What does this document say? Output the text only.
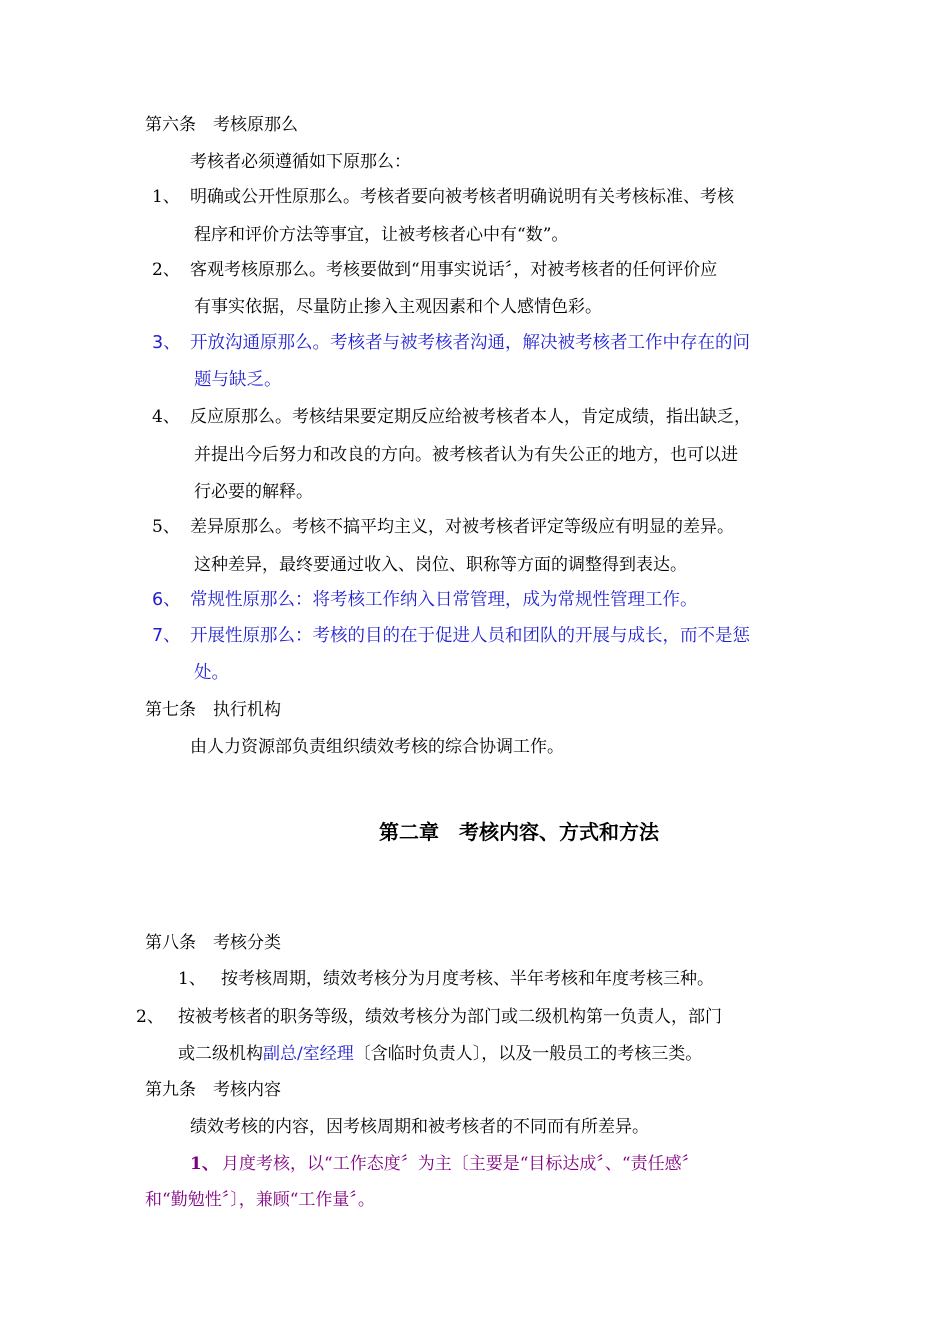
第六条　考核原那么
考核者必须遵循如下原那么：
1、 明确或公开性原那么。考核者要向被考核者明确说明有关考核标准、考核
程序和评价方法等事宜，让被考核者心中有“数”。
2、 客观考核原那么。考核要做到“用事实说话〞，对被考核者的任何评价应
有事实依据，尽量防止掺入主观因素和个人感情色彩。
3、 开放沟通原那么。考核者与被考核者沟通，解决被考核者工作中存在的问
题与缺乏。
4、 反应原那么。考核结果要定期反应给被考核者本人，肯定成绩，指出缺乏，
并提出今后努力和改良的方向。被考核者认为有失公正的地方，也可以进
行必要的解释。
5、 差异原那么。考核不搞平均主义，对被考核者评定等级应有明显的差异。
这种差异，最终要通过收入、岗位、职称等方面的调整得到表达。
6、 常规性原那么：将考核工作纳入日常管理，成为常规性管理工作。
7、 开展性原那么：考核的目的在于促进人员和团队的开展与成长，而不是惩
处。
第七条　执行机构
由人力资源部负责组织绩效考核的综合协调工作。
第二章　考核内容、方式和方法
第八条　考核分类
1、 按考核周期，绩效考核分为月度考核、半年考核和年度考核三种。
2、 按被考核者的职务等级，绩效考核分为部门或二级机构第一负责人，部门
或二级机构副总/室经理〔含临时负责人〕，以及一般员工的考核三类。
第九条　考核内容
绩效考核的内容，因考核周期和被考核者的不同而有所差异。
1、 月度考核，以“工作态度〞为主〔主要是“目标达成〞、“责任感〞
和“勤勉性〞〕，兼顾“工作量〞。
